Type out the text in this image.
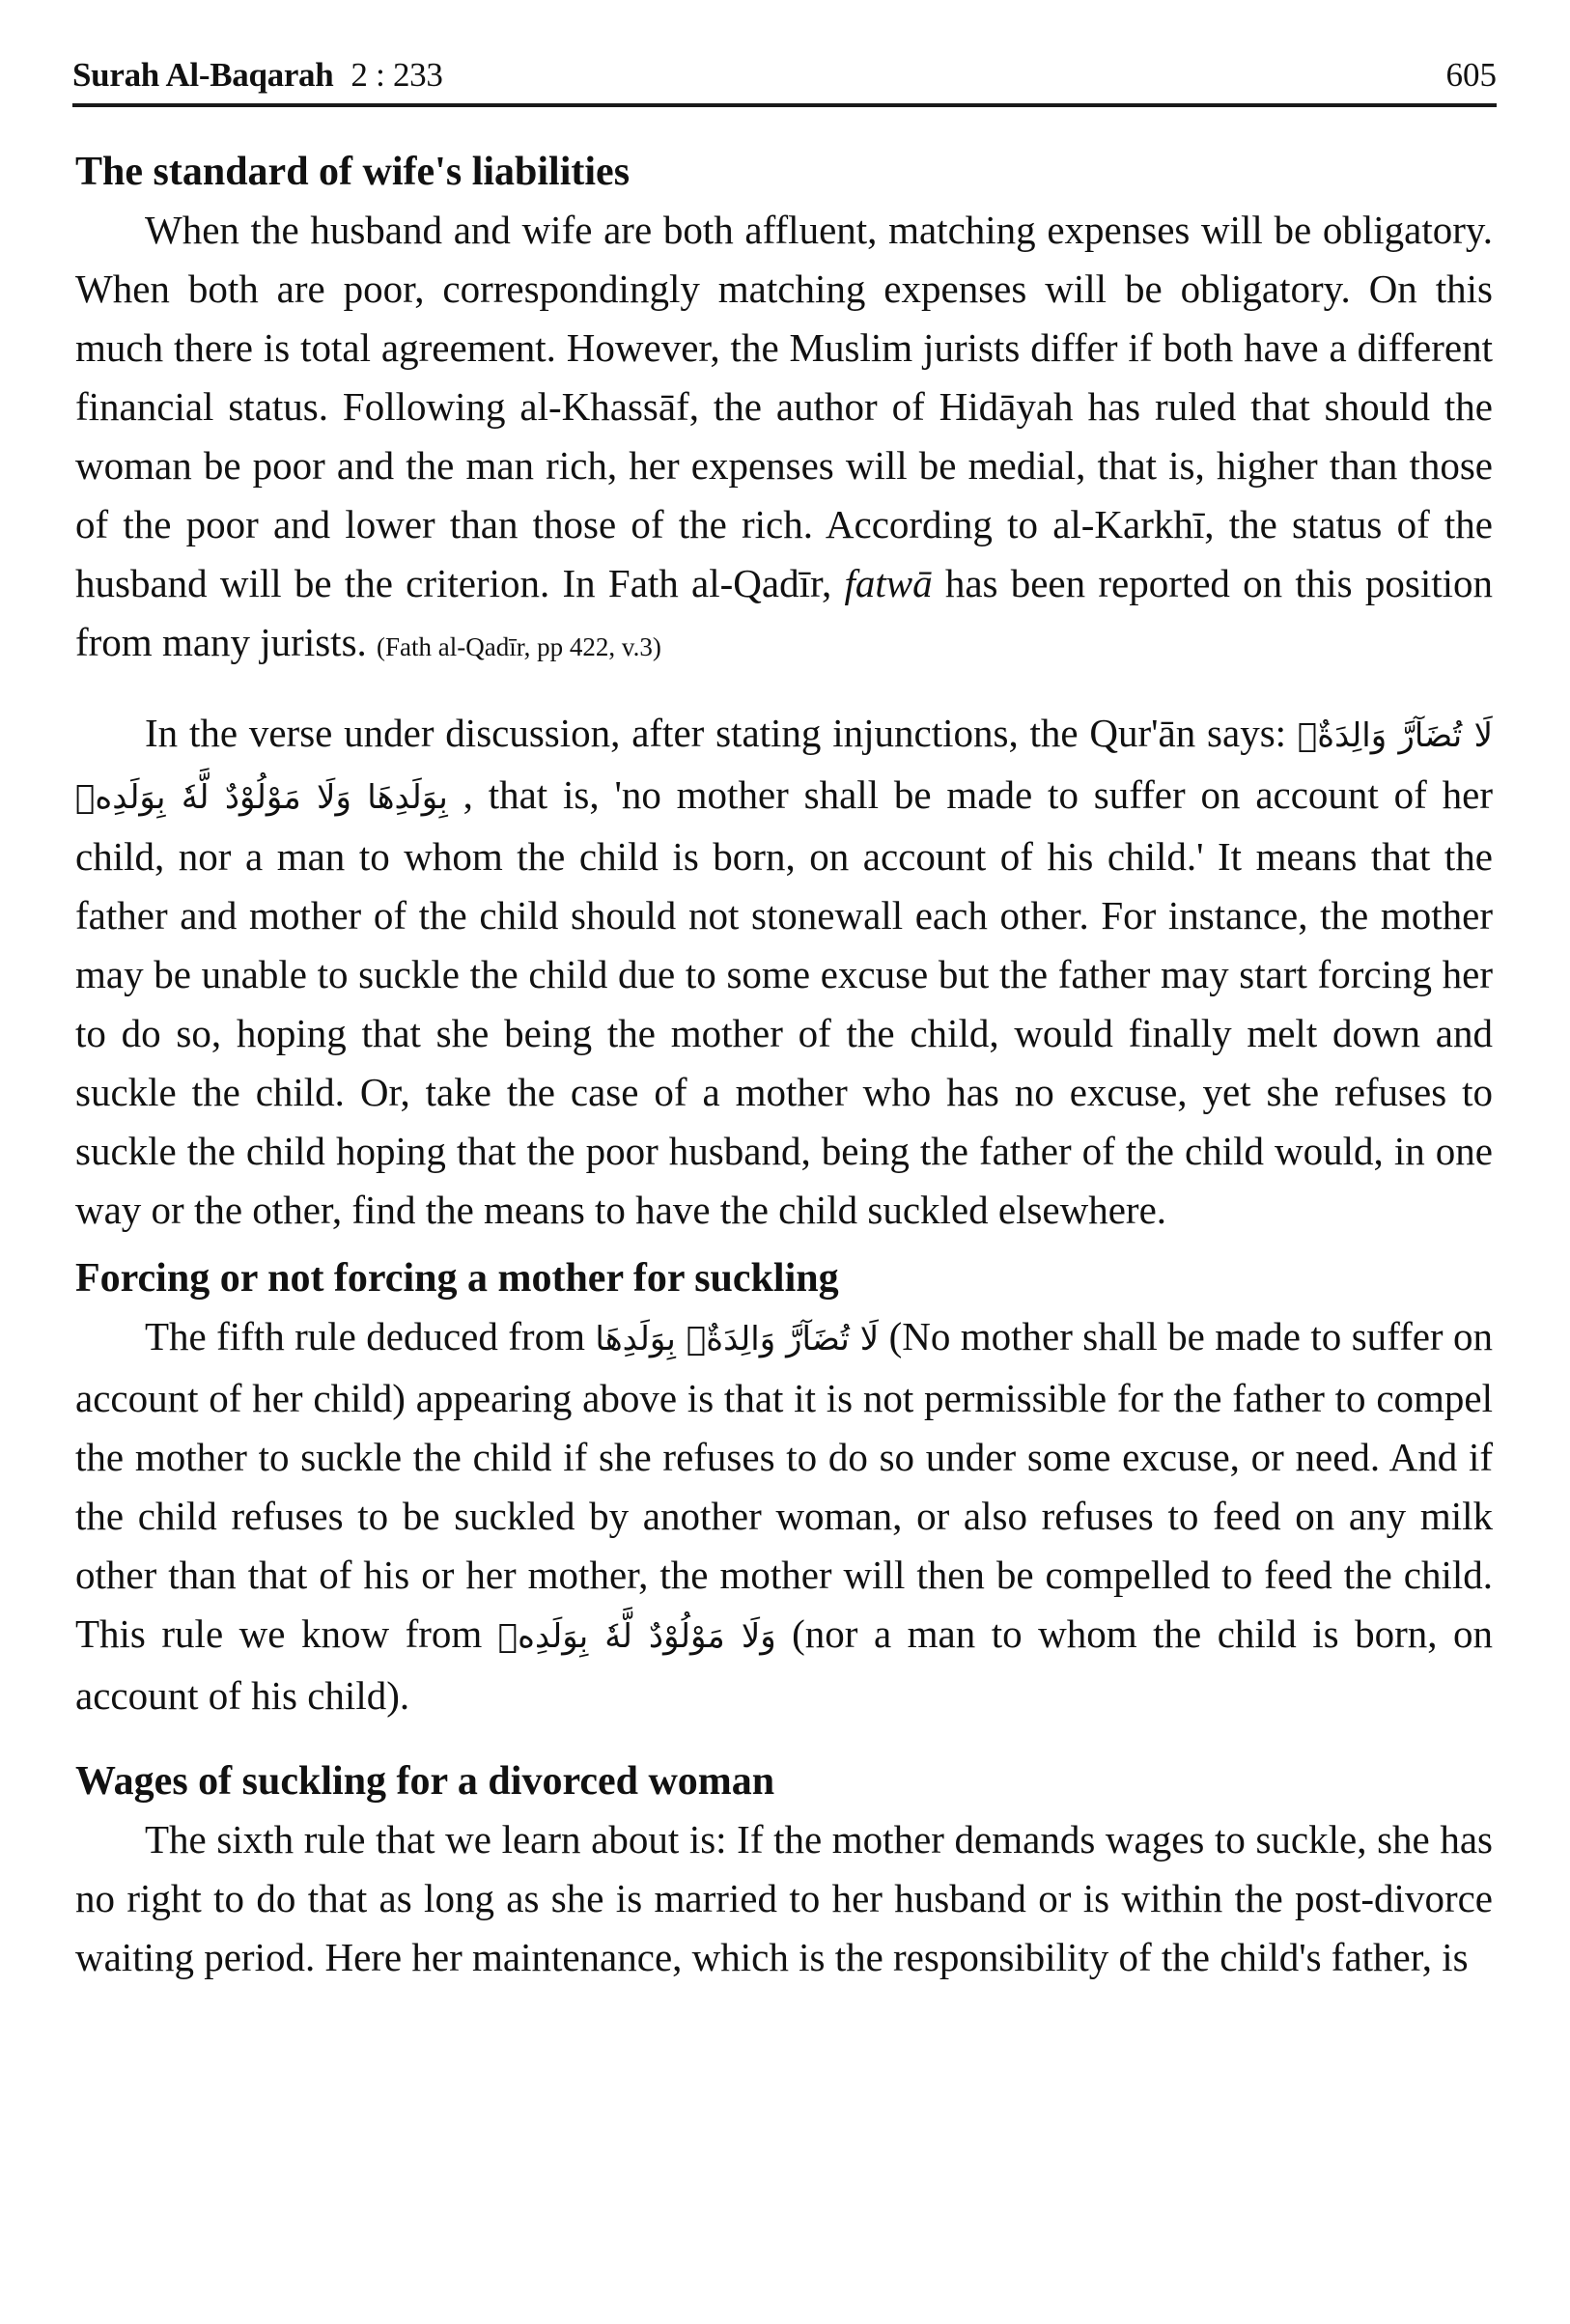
Surah Al-Baqarah 2 : 233	605
The standard of wife's liabilities

When the husband and wife are both affluent, matching expenses will be obligatory. When both are poor, correspondingly matching expenses will be obligatory. On this much there is total agreement. However, the Muslim jurists differ if both have a different financial status. Following al-Khassāf, the author of Hidāyah has ruled that should the woman be poor and the man rich, her expenses will be medial, that is, higher than those of the poor and lower than those of the rich. According to al-Karkhī, the status of the husband will be the criterion. In Fath al-Qadīr, fatwā has been reported on this position from many jurists. (Fath al-Qadīr, pp 422, v.3)

In the verse under discussion, after stating injunctions, the Qur'ān says: لَا تُضَآرَّ وَالِدَةٌۢ بِوَلَدِهَا وَلَا مَوْلُوْدٌ لَّهٗ بِوَلَدِهٖ , that is, 'no mother shall be made to suffer on account of her child, nor a man to whom the child is born, on account of his child.' It means that the father and mother of the child should not stonewall each other. For instance, the mother may be unable to suckle the child due to some excuse but the father may start forcing her to do so, hoping that she being the mother of the child, would finally melt down and suckle the child. Or, take the case of a mother who has no excuse, yet she refuses to suckle the child hoping that the poor husband, being the father of the child would, in one way or the other, find the means to have the child suckled elsewhere.

Forcing or not forcing a mother for suckling

The fifth rule deduced from لَا تُضَآرَّ وَالِدَةٌۢ بِوَلَدِهَا (No mother shall be made to suffer on account of her child) appearing above is that it is not permissible for the father to compel the mother to suckle the child if she refuses to do so under some excuse, or need. And if the child refuses to be suckled by another woman, or also refuses to feed on any milk other than that of his or her mother, the mother will then be compelled to feed the child. This rule we know from وَلَا مَوْلُوْدٌ لَّهٗ بِوَلَدِهٖ (nor a man to whom the child is born, on account of his child).

Wages of suckling for a divorced woman

The sixth rule that we learn about is: If the mother demands wages to suckle, she has no right to do that as long as she is married to her husband or is within the post-divorce waiting period. Here her maintenance, which is the responsibility of the child's father, is
